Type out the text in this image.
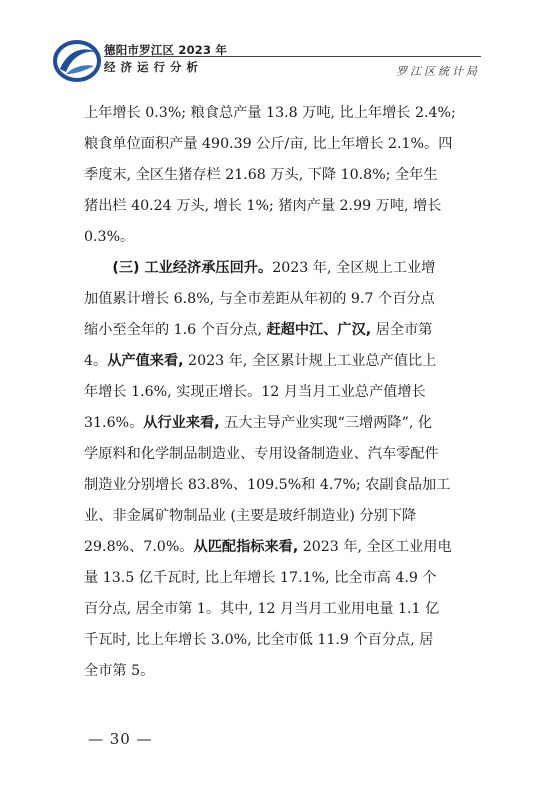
德阳市罗江区 2023 年
经济运行分析	罗江区统计局
上年增长 0.3%; 粮食总产量 13.8 万吨, 比上年增长 2.4%;
粮食单位面积产量 490.39 公斤/亩, 比上年增长 2.1%。四
季度末, 全区生猪存栏 21.68 万头, 下降 10.8%; 全年生
猪出栏 40.24 万头, 增长 1%; 猪肉产量 2.99 万吨, 增长
0.3%。
　　(三) 工业经济承压回升。2023 年, 全区规上工业增
加值累计增长 6.8%, 与全市差距从年初的 9.7 个百分点
缩小至全年的 1.6 个百分点, 赶超中江、广汉, 居全市第
4。从产值来看, 2023 年, 全区累计规上工业总产值比上
年增长 1.6%, 实现正增长。12 月当月工业总产值增长
31.6%。从行业来看, 五大主导产业实现“三增两降”, 化
学原料和化学制品制造业、专用设备制造业、汽车零配件
制造业分别增长 83.8%、109.5%和 4.7%; 农副食品加工
业、非金属矿物制品业 (主要是玻纤制造业) 分别下降
29.8%、7.0%。从匹配指标来看, 2023 年, 全区工业用电
量 13.5 亿千瓦时, 比上年增长 17.1%, 比全市高 4.9 个
百分点, 居全市第 1。其中, 12 月当月工业用电量 1.1 亿
千瓦时, 比上年增长 3.0%, 比全市低 11.9 个百分点, 居
全市第 5。
— 30 —
